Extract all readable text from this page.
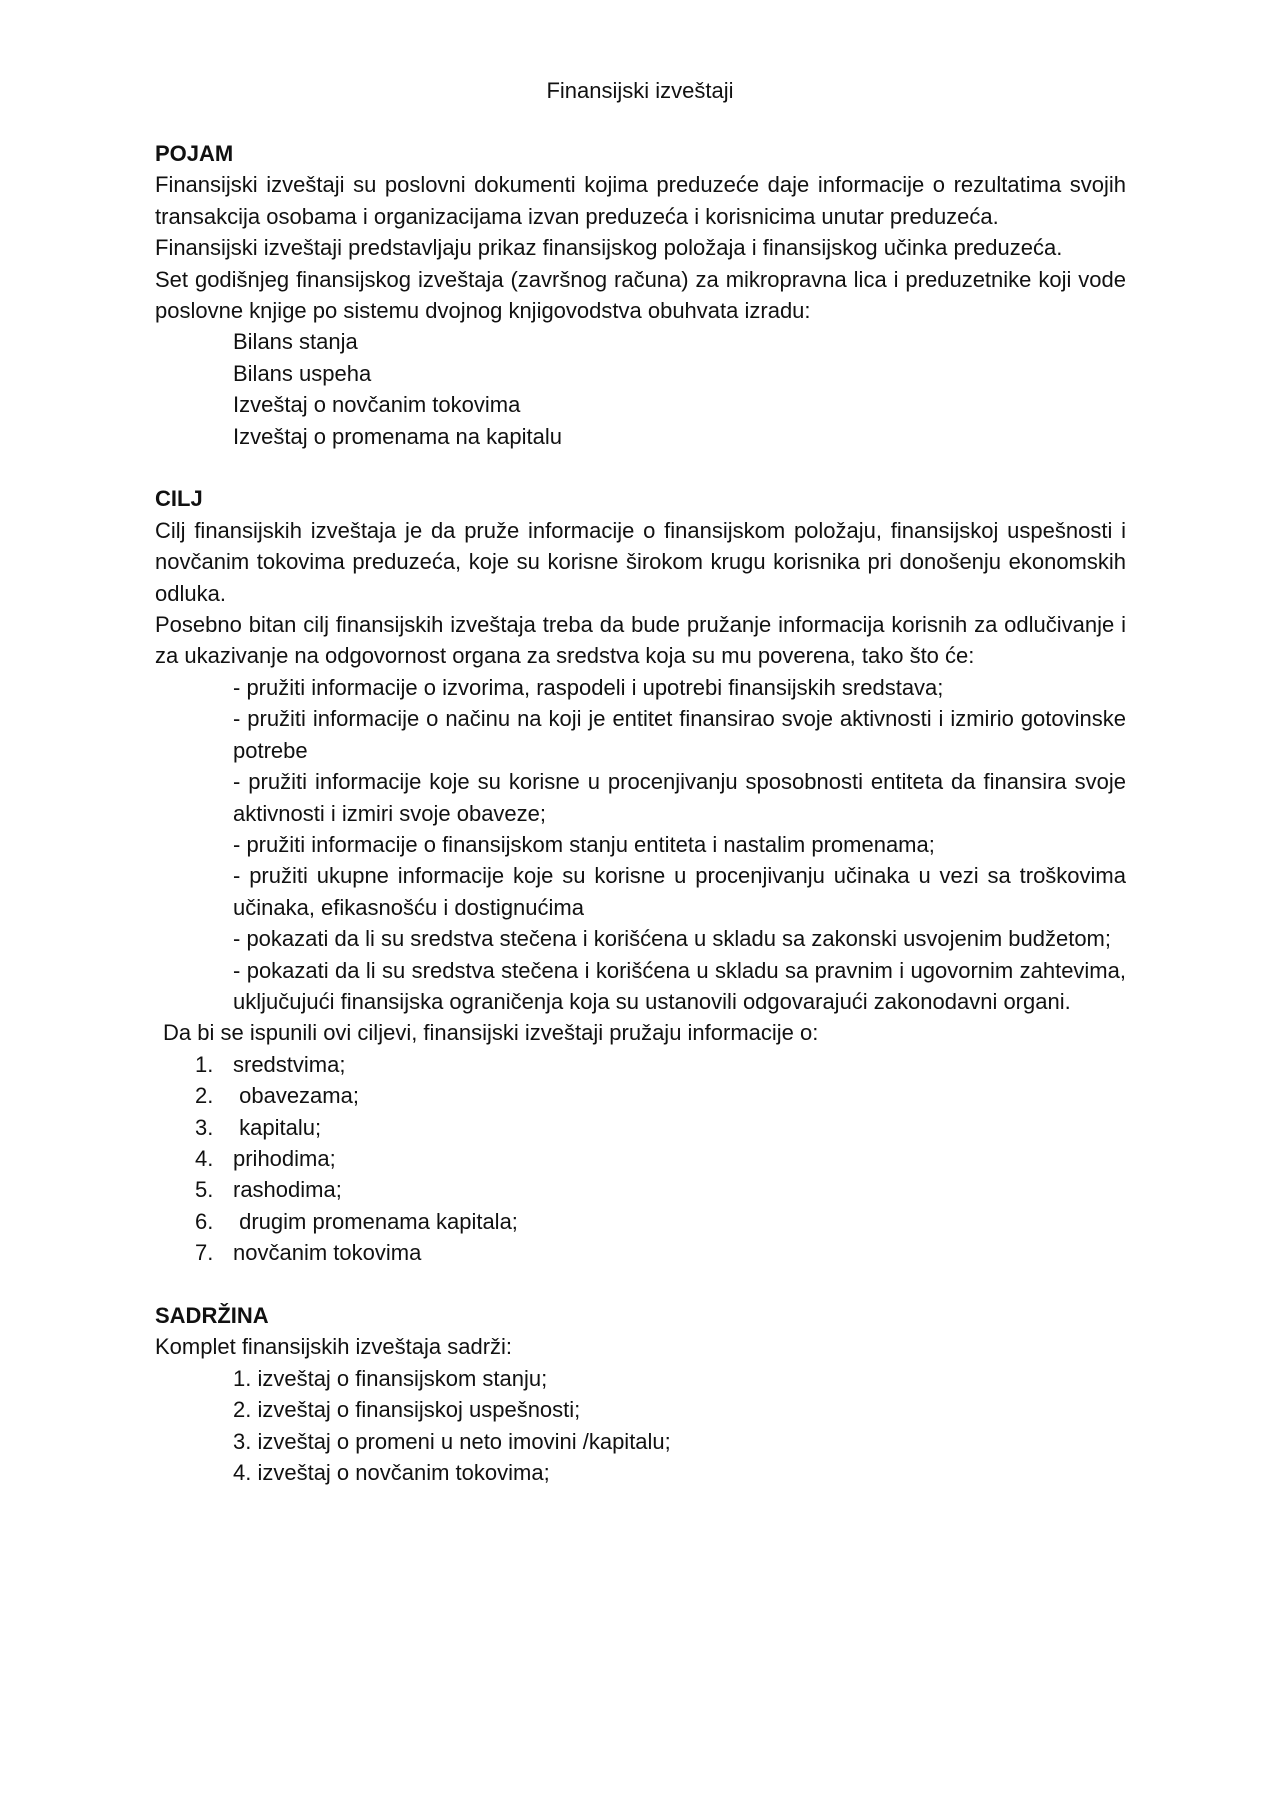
Finansijski izveštaji

POJAM

Finansijski izveštaji su poslovni dokumenti kojima preduzeće daje informacije o rezultatima svojih transakcija osobama i organizacijama izvan preduzeća i korisnicima unutar preduzeća.

Finansijski izveštaji predstavljaju prikaz finansijskog položaja i finansijskog učinka preduzeća.

Set godišnjeg finansijskog izveštaja (završnog računa) za mikropravna lica i preduzetnike koji vode poslovne knjige po sistemu dvojnog knjigovodstva obuhvata izradu:

Bilans stanja
Bilans uspeha
Izveštaj o novčanim tokovima
Izveštaj o promenama na kapitalu

CILJ

Cilj finansijskih izveštaja je da pruže informacije o finansijskom položaju, finansijskoj uspešnosti i novčanim tokovima preduzeća, koje su korisne širokom krugu korisnika pri donošenju ekonomskih odluka.

Posebno bitan cilj finansijskih izveštaja treba da bude pružanje informacija korisnih za odlučivanje i za ukazivanje na odgovornost organa za sredstva koja su mu poverena, tako što će:

- pružiti informacije o izvorima, raspodeli i upotrebi finansijskih sredstava;
- pružiti informacije o načinu na koji je entitet finansirao svoje aktivnosti i izmirio gotovinske potrebe
- pružiti informacije koje su korisne u procenjivanju sposobnosti entiteta da finansira svoje aktivnosti i izmiri svoje obaveze;
- pružiti informacije o finansijskom stanju entiteta i nastalim promenama;
- pružiti ukupne informacije koje su korisne u procenjivanju učinaka u vezi sa troškovima učinaka, efikasnošću i dostignućima
- pokazati da li su sredstva stečena i korišćena u skladu sa zakonski usvojenim budžetom;
- pokazati da li su sredstva stečena i korišćena u skladu sa pravnim i ugovornim zahtevima, uključujući finansijska ograničenja koja su ustanovili odgovarajući zakonodavni organi.

Da bi se ispunili ovi ciljevi, finansijski izveštaji pružaju informacije o:

1. sredstvima;
2. obavezama;
3. kapitalu;
4. prihodima;
5. rashodima;
6. drugim promenama kapitala;
7. novčanim tokovima

SADRŽINA

Komplet finansijskih izveštaja sadrži:

1. izveštaj o finansijskom stanju;
2. izveštaj o finansijskoj uspešnosti;
3. izveštaj o promeni u neto imovini /kapitalu;
4. izveštaj o novčanim tokovima;
